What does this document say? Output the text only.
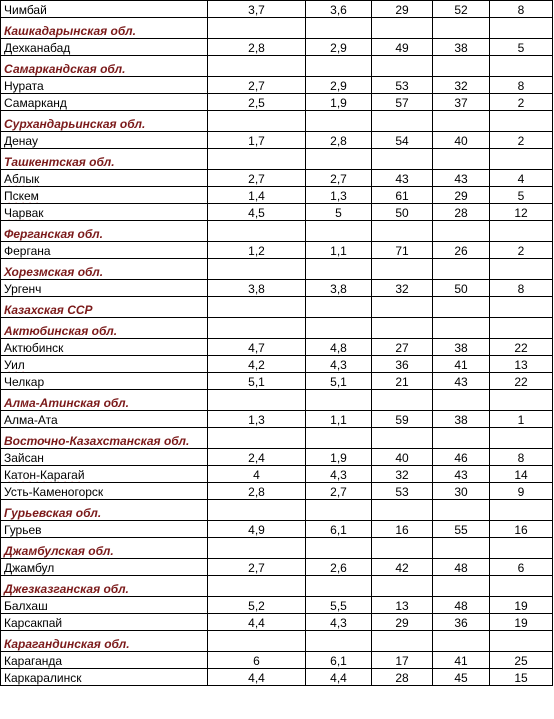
Чимбай	3,7	3,6	29	52	8
Кашкадарынская обл.					
Дехканабад	2,8	2,9	49	38	5
Самаркандская обл.					
Нурата	2,7	2,9	53	32	8
Самарканд	2,5	1,9	57	37	2
Сурхандарьинская обл.					
Денау	1,7	2,8	54	40	2
Ташкентская обл.					
Аблык	2,7	2,7	43	43	4
Пскем	1,4	1,3	61	29	5
Чарвак	4,5	5	50	28	12
Ферганская обл.					
Фергана	1,2	1,1	71	26	2
Хорезмская обл.					
Ургенч	3,8	3,8	32	50	8
Казахская ССР					
Актюбинская обл.					
Актюбинск	4,7	4,8	27	38	22
Уил	4,2	4,3	36	41	13
Челкар	5,1	5,1	21	43	22
Алма-Атинская обл.					
Алма-Ата	1,3	1,1	59	38	1
Восточно-Казахстанская обл.					
Зайсан	2,4	1,9	40	46	8
Катон-Карагай	4	4,3	32	43	14
Усть-Каменогорск	2,8	2,7	53	30	9
Гурьевская обл.					
Гурьев	4,9	6,1	16	55	16
Джамбулская обл.					
Джамбул	2,7	2,6	42	48	6
Джезказганская обл.					
Балхаш	5,2	5,5	13	48	19
Карсакпай	4,4	4,3	29	36	19
Карагандинская обл.					
Караганда	6	6,1	17	41	25
Каркаралинск	4,4	4,4	28	45	15
